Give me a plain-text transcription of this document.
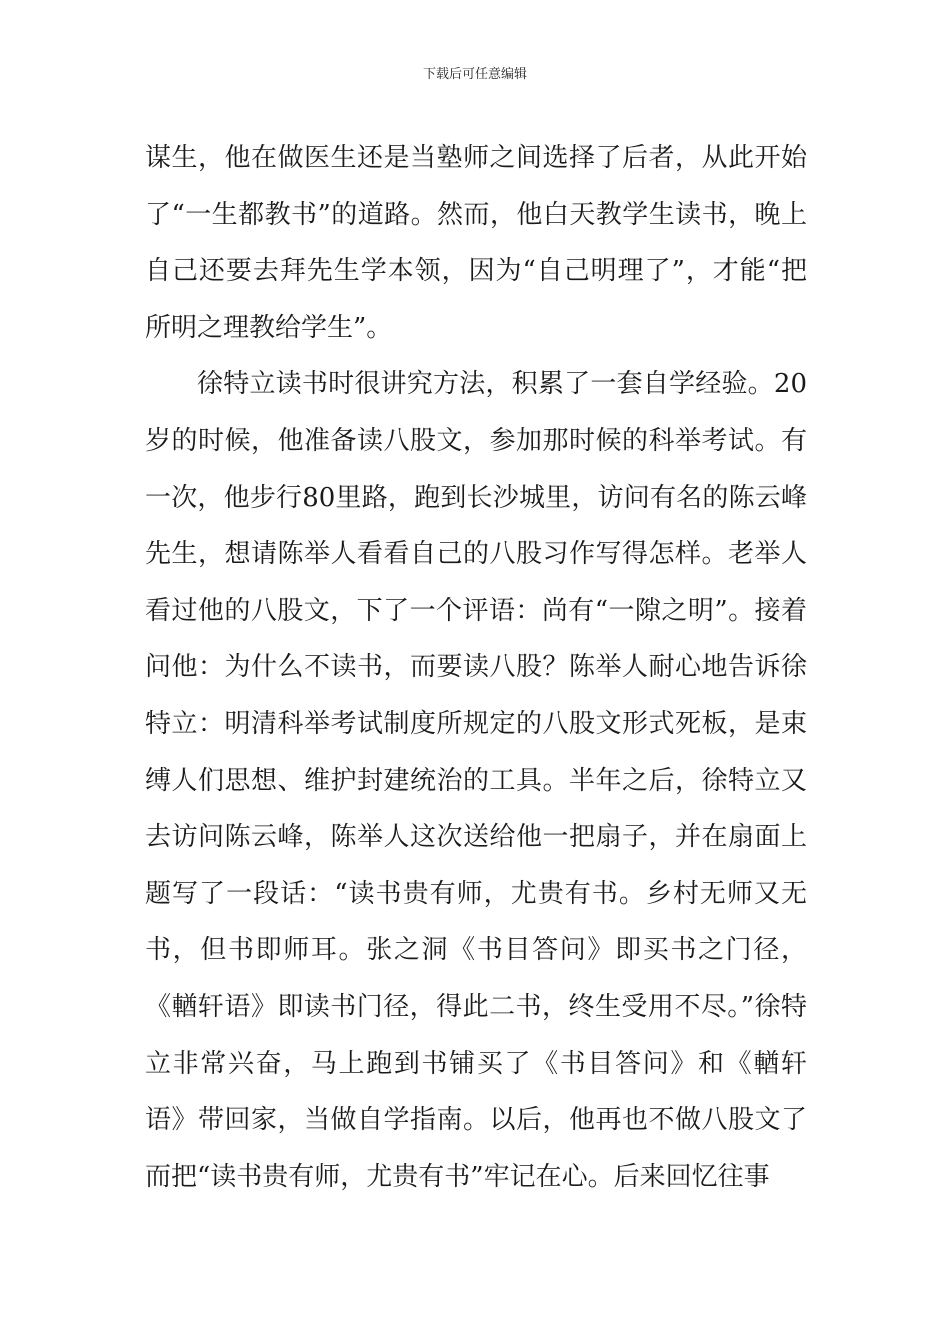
下载后可任意编辑

谋生，他在做医生还是当塾师之间选择了后者，从此开始了“一生都教书”的道路。然而，他白天教学生读书，晚上自己还要去拜先生学本领，因为“自己明理了”，才能“把所明之理教给学生”。

徐特立读书时很讲究方法，积累了一套自学经验。20岁的时候，他准备读八股文，参加那时候的科举考试。有一次，他步行80里路，跑到长沙城里，访问有名的陈云峰先生，想请陈举人看看自己的八股习作写得怎样。老举人看过他的八股文，下了一个评语：尚有“一隙之明”。接着问他：为什么不读书，而要读八股？陈举人耐心地告诉徐特立：明清科举考试制度所规定的八股文形式死板，是束缚人们思想、维护封建统治的工具。半年之后，徐特立又去访问陈云峰，陈举人这次送给他一把扇子，并在扇面上题写了一段话：“读书贵有师，尤贵有书。乡村无师又无书，但书即师耳。张之洞《书目答问》即买书之门径，《輶轩语》即读书门径，得此二书，终生受用不尽。”徐特立非常兴奋，马上跑到书铺买了《书目答问》和《輶轩语》带回家，当做自学指南。以后，他再也不做八股文了而把“读书贵有师，尤贵有书”牢记在心。后来回忆往事
